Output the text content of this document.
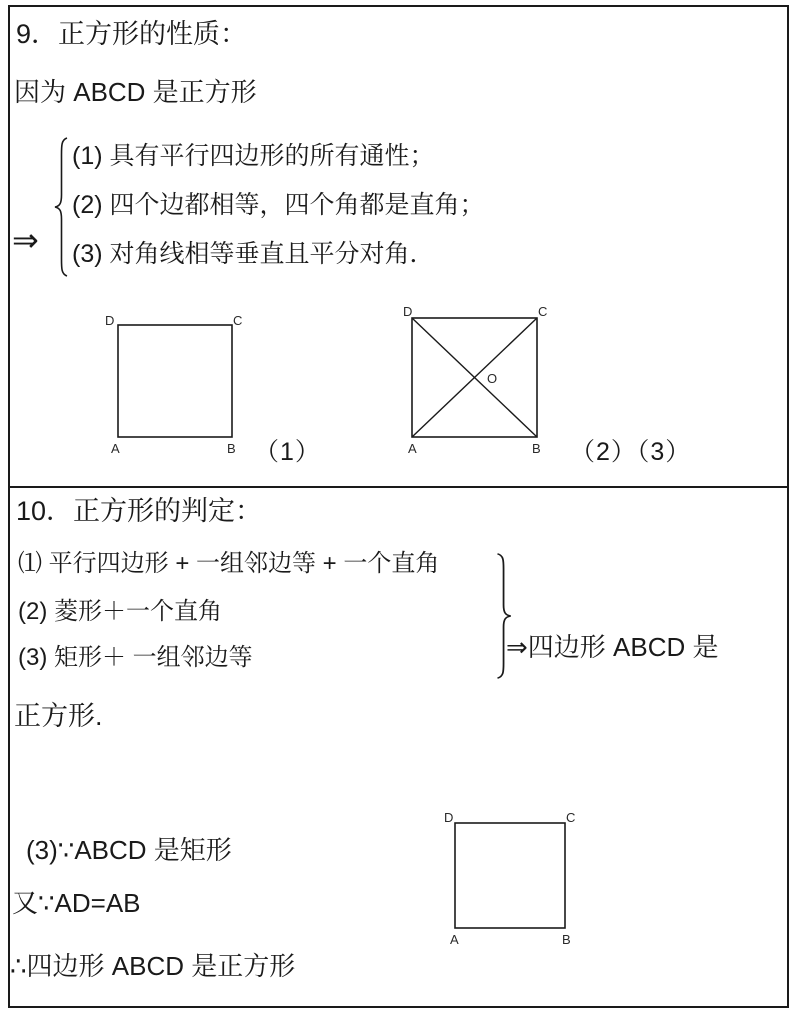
9．正方形的性质：
因为 ABCD 是正方形
⇒
(1) 具有平行四边形的所有通性；
(2) 四个边都相等，四个角都是直角；
(3) 对角线相等垂直且平分对角．
D	C
A	B （1）
D	C
A	B
O
（2）（3）
10．正方形的判定：
⑴ 平行四边形 + 一组邻边等 + 一个直角
(2) 菱形＋一个直角
(3) 矩形＋ 一组邻边等	⇒四边形 ABCD 是
正方形.
(3)∵ABCD 是矩形
又∵AD=AB
∴四边形 ABCD 是正方形
D	C
A	B
